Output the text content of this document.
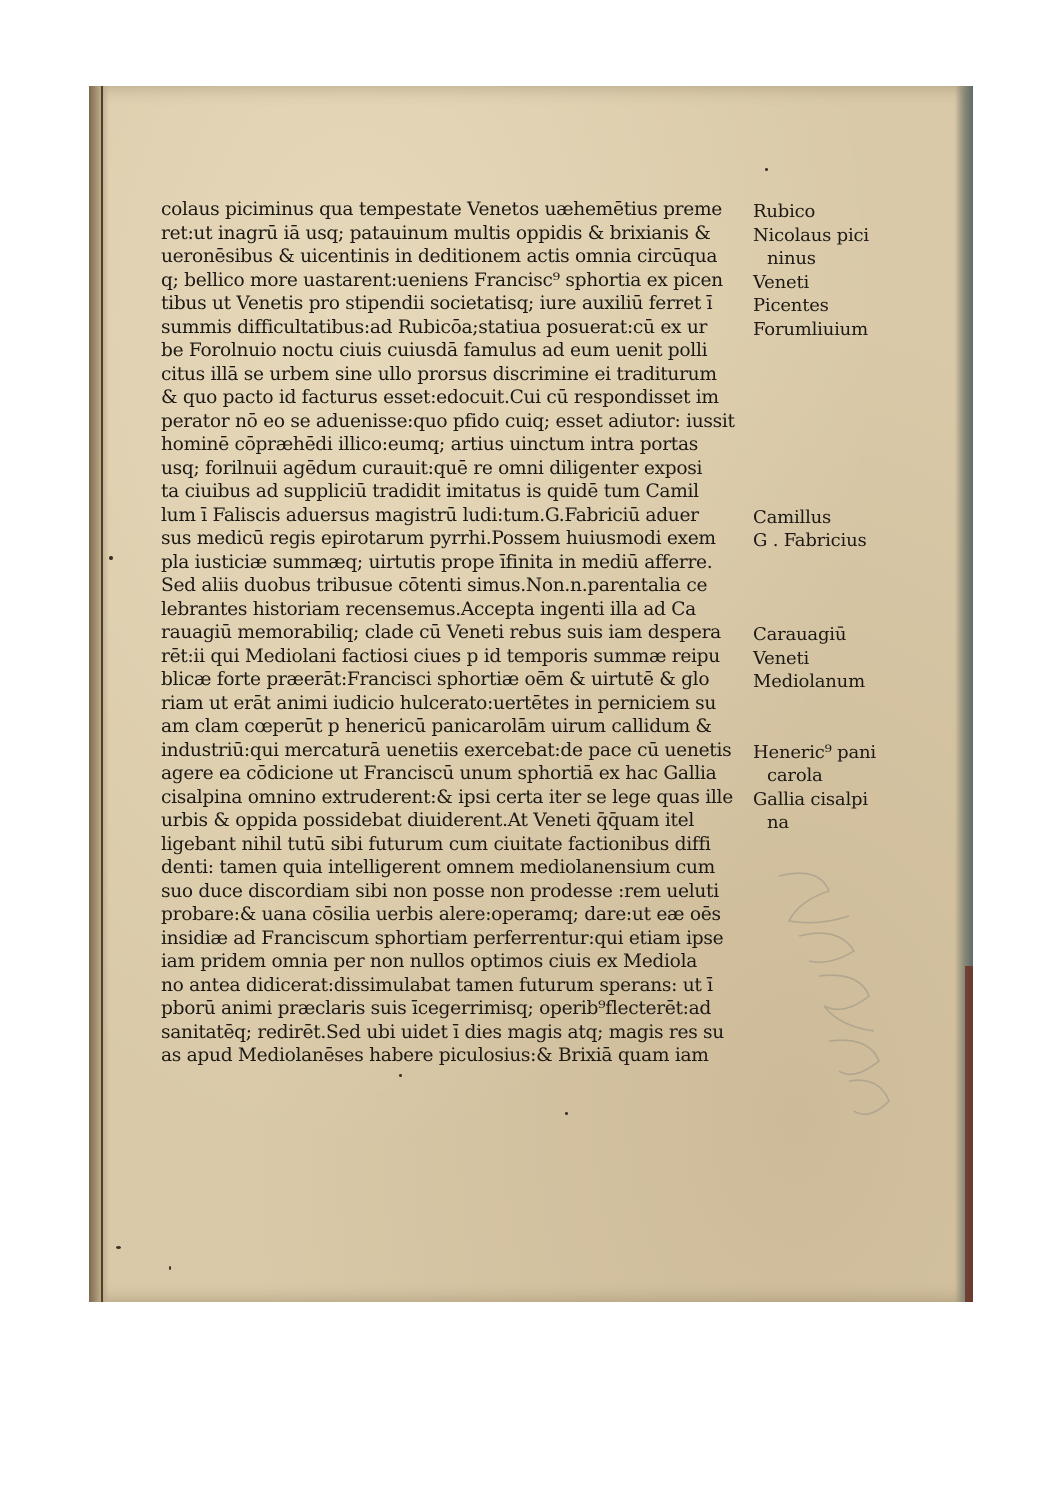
colaus piciminus qua tempestate Venetos uæhemētius preme
ret:ut inagrū iā usq; patauinum multis oppidis & brixianis &
ueronēsibus & uicentinis in deditionem actis omnia circūqua
q; bellico more uastarent:ueniens Francisc⁹ sphortia ex picen
tibus ut Venetis pro stipendii societatisq; iure auxiliū ferret ī
summis difficultatibus:ad Rubicōa;statiua posuerat:cū ex ur
be Forolnuio noctu ciuis cuiusdā famulus ad eum uenit polli
citus illā se urbem sine ullo prorsus discrimine ei traditurum
& quo pacto id facturus esset:edocuit.Cui cū respondisset im
perator nō eo se aduenisse:quo pfido cuiq; esset adiutor: iussit
hominē cōpræhēdi illico:eumq; artius uinctum intra portas
usq; forilnuii agēdum curauit:quē re omni diligenter exposi
ta ciuibus ad suppliciū tradidit imitatus is quidē tum Camil
lum ī Faliscis aduersus magistrū ludi:tum.G.Fabriciū aduer
sus medicū regis epirotarum pyrrhi.Possem huiusmodi exem
pla iusticiæ summæq; uirtutis prope īfinita in mediū afferre.
Sed aliis duobus tribusue cōtenti simus.Non.n.parentalia ce
lebrantes historiam recensemus.Accepta ingenti illa ad Ca
rauagiū memorabiliq; clade cū Veneti rebus suis iam despera
rēt:ii qui Mediolani factiosi ciues p id temporis summæ reipu
blicæ forte præerāt:Francisci sphortiæ oēm & uirtutē & glo
riam ut erāt animi iudicio hulcerato:uertētes in perniciem su
am clam cœperūt p henericū panicarolām uirum callidum &
industriū:qui mercaturā uenetiis exercebat:de pace cū uenetis
agere ea cōdicione ut Franciscū unum sphortiā ex hac Gallia
cisalpina omnino extruderent:& ipsi certa iter se lege quas ille
urbis & oppida possidebat diuiderent.At Veneti q̄q̄uam itel
ligebant nihil tutū sibi futurum cum ciuitate factionibus diffi
denti: tamen quia intelligerent omnem mediolanensium cum
suo duce discordiam sibi non posse non prodesse :rem ueluti
probare:& uana cōsilia uerbis alere:operamq; dare:ut eæ oēs
insidiæ ad Franciscum sphortiam perferrentur:qui etiam ipse
iam pridem omnia per non nullos optimos ciuis ex Mediola
no antea didicerat:dissimulabat tamen futurum sperans: ut ī
pborū animi præclaris suis īcegerrimisq; operib⁹flecterēt:ad
sanitatēq; redirēt.Sed ubi uidet ī dies magis atq; magis res su
as apud Mediolanēses habere piculosius:& Brixiā quam iam
Rubico
Nicolaus pici
ninus
Veneti
Picentes
Forumliuium
Camillus
G . Fabricius
Carauagiū
Veneti
Mediolanum
Heneric⁹ pani
carola
Gallia cisalpi
na
